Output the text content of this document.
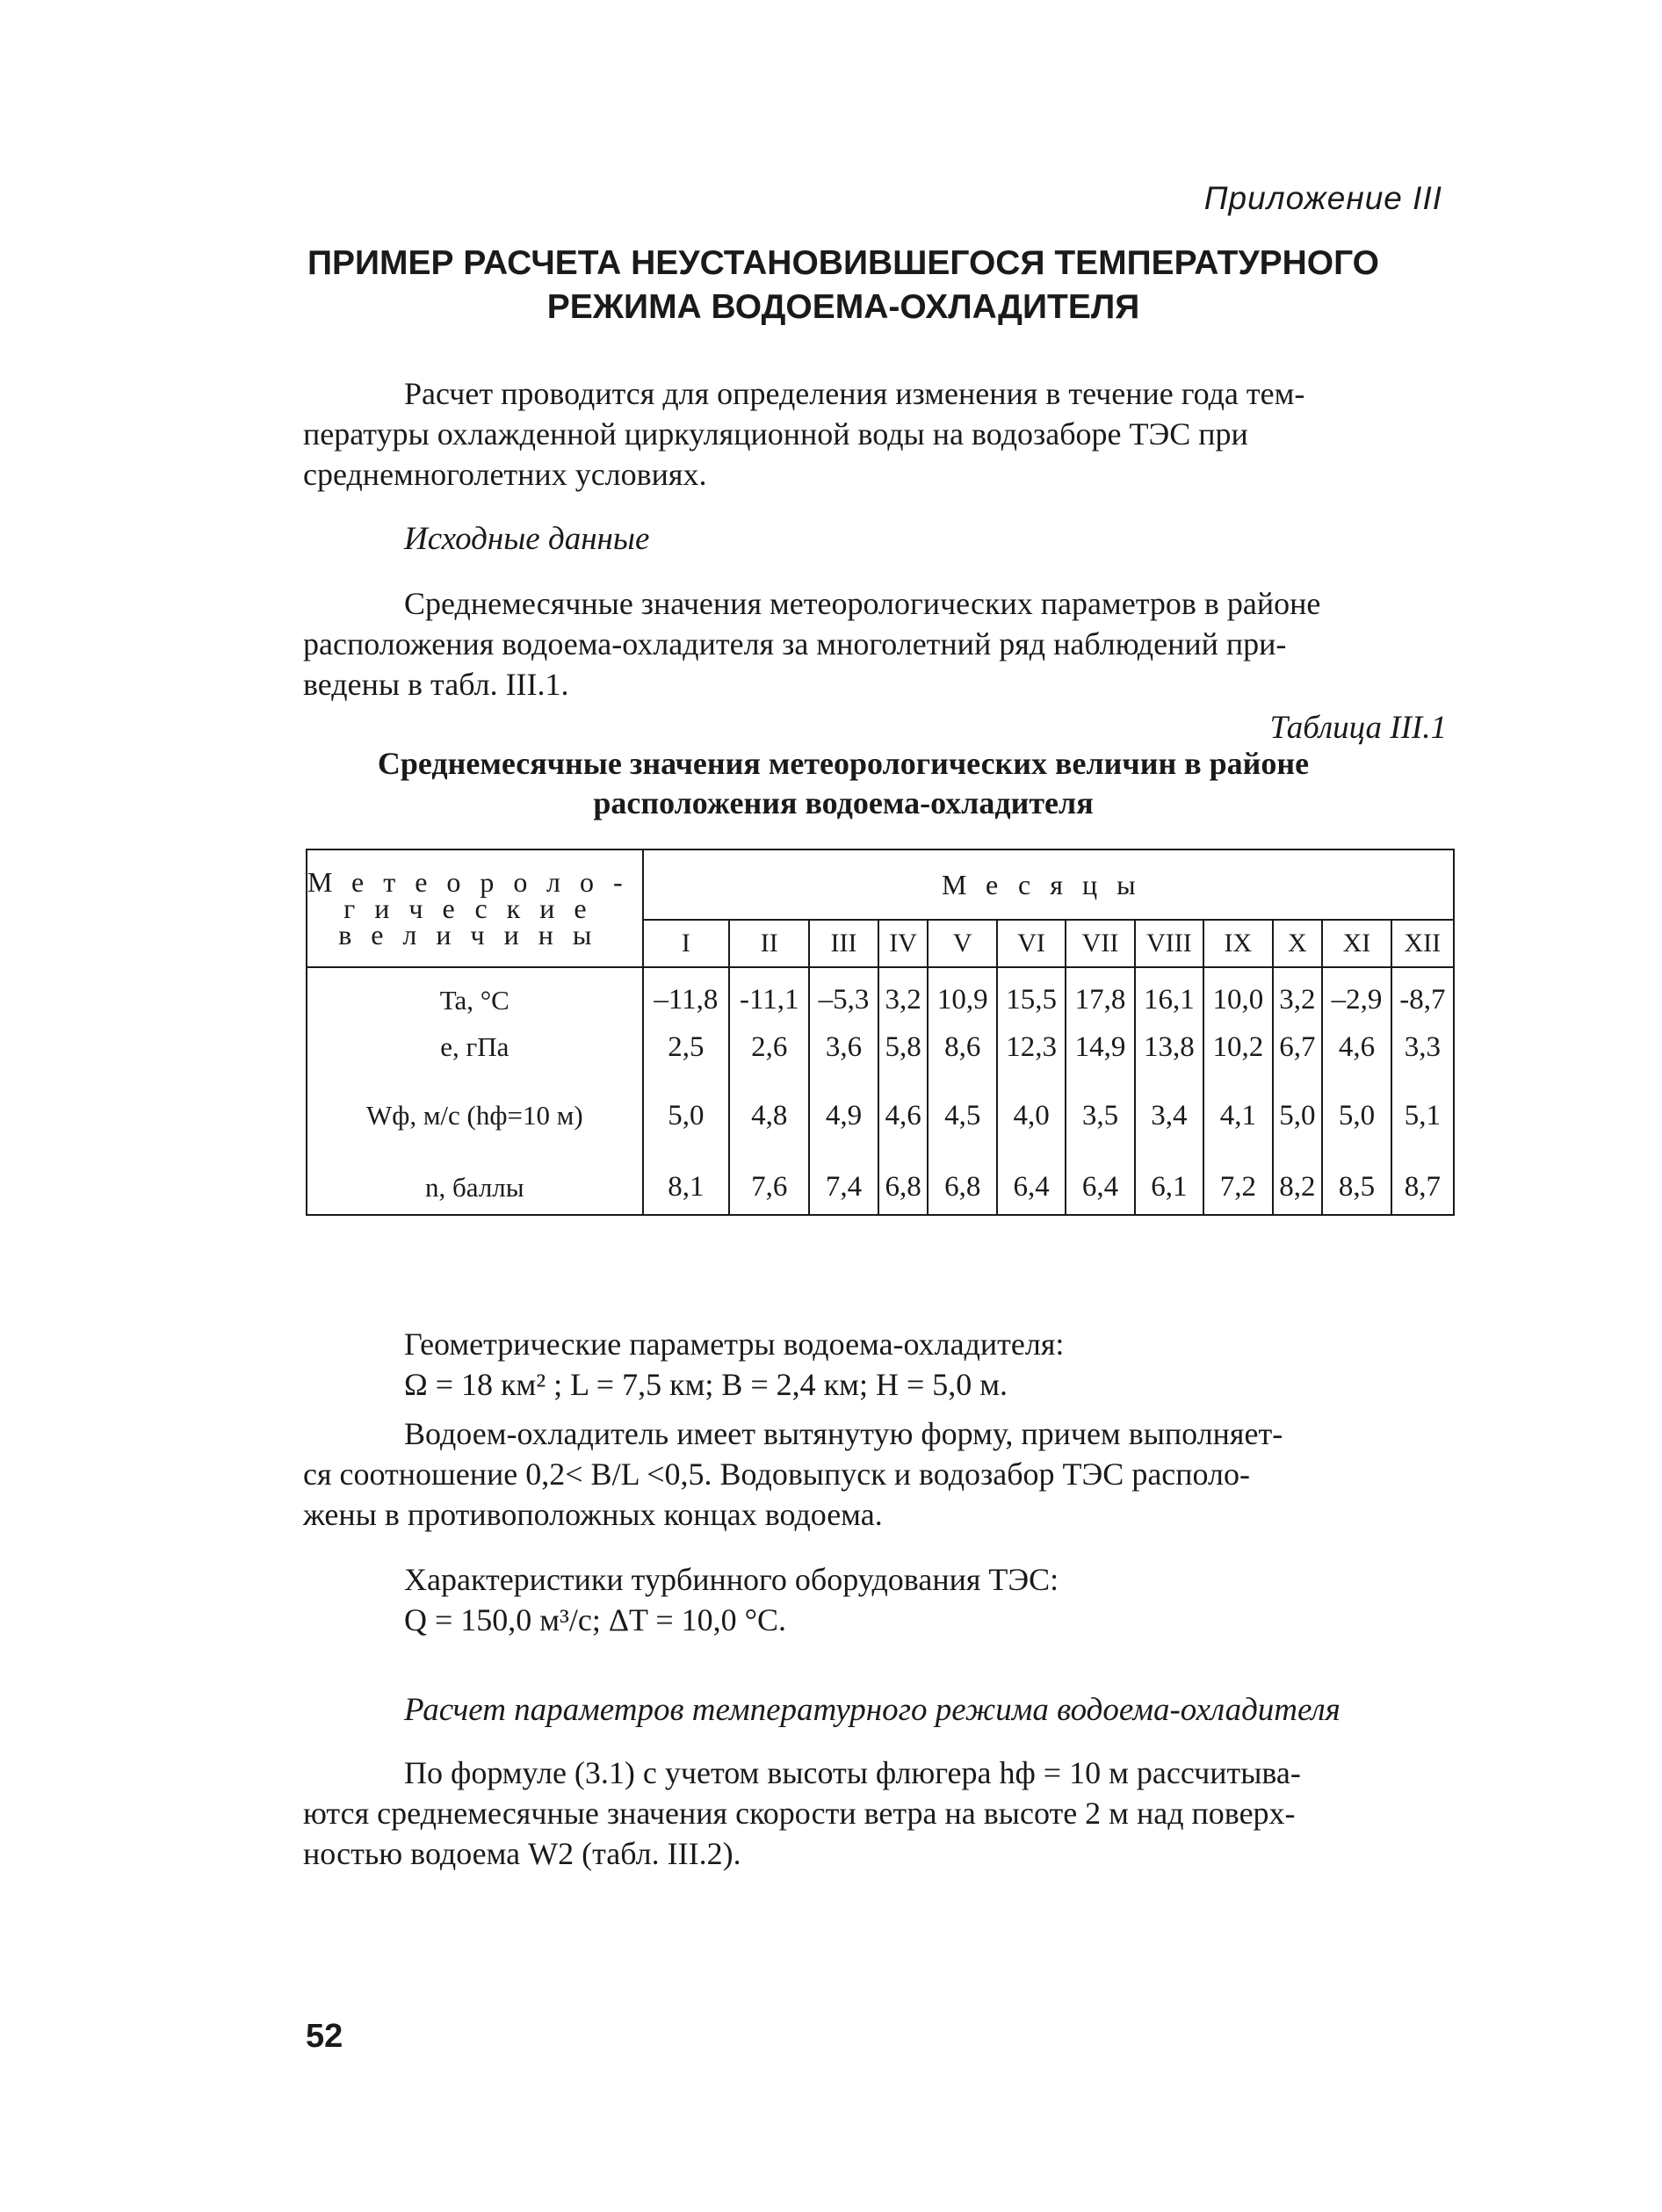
Приложение III
ПРИМЕР РАСЧЕТА НЕУСТАНОВИВШЕГОСЯ ТЕМПЕРАТУРНОГО
РЕЖИМА ВОДОЕМА-ОХЛАДИТЕЛЯ
Расчет проводится для определения изменения в течение года тем-
пературы охлажденной циркуляционной воды на водозаборе ТЭС при
среднемноголетних условиях.
Исходные данные
Среднемесячные значения метеорологических параметров в районе
расположения водоема-охладителя за многолетний ряд наблюдений при-
ведены в табл. III.1.
Таблица III.1
Среднемесячные значения метеорологических величин в районе
расположения водоема-охладителя
Метеороло-гические величины	Месяцы											
	I	II	III	IV	V	VI	VII	VIII	IX	X	XI	XII
Ta, °C	–11,8	-11,1	–5,3	3,2	10,9	15,5	17,8	16,1	10,0	3,2	–2,9	-8,7
e, гПа	2,5	2,6	3,6	5,8	8,6	12,3	14,9	13,8	10,2	6,7	4,6	3,3
Wф, м/с (hф=10 м)	5,0	4,8	4,9	4,6	4,5	4,0	3,5	3,4	4,1	5,0	5,0	5,1
n, баллы	8,1	7,6	7,4	6,8	6,8	6,4	6,4	6,1	7,2	8,2	8,5	8,7
Геометрические параметры водоема-охладителя:
Ω = 18 км² ; L = 7,5 км; B = 2,4 км; H = 5,0 м.
Водоем-охладитель имеет вытянутую форму, причем выполняет-
ся соотношение 0,2< B/L <0,5. Водовыпуск и водозабор ТЭС располо-
жены в противоположных концах водоема.
Характеристики турбинного оборудования ТЭС:
Q = 150,0 м³/с; ΔT = 10,0 °C.
Расчет параметров температурного режима водоема-охладителя
По формуле (3.1) с учетом высоты флюгера hф = 10 м рассчитыва-
ются среднемесячные значения скорости ветра на высоте 2 м над поверх-
ностью водоема W2 (табл. III.2).
52
